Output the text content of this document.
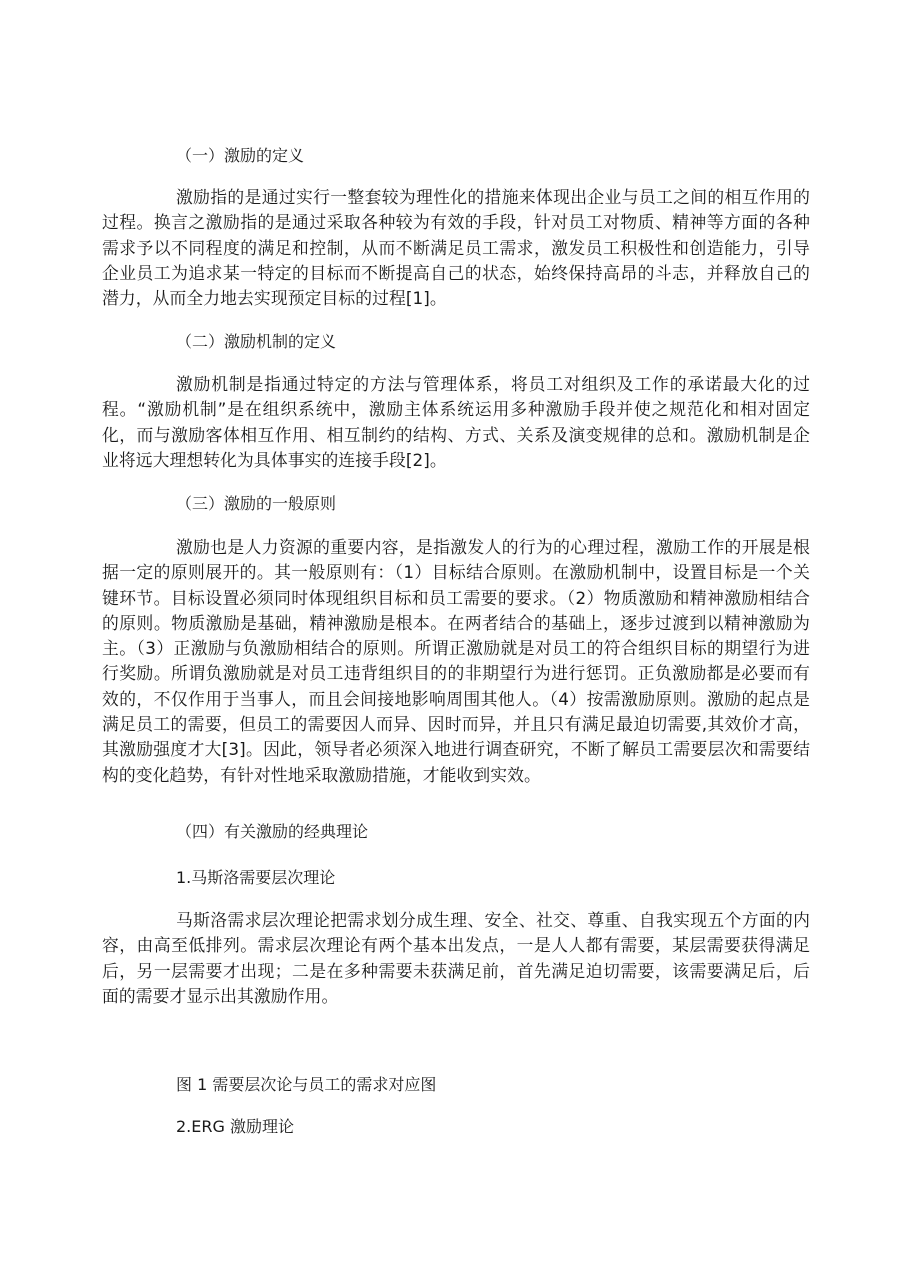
（一）激励的定义

激励指的是通过实行一整套较为理性化的措施来体现出企业与员工之间的相互作用的过程。换言之激励指的是通过采取各种较为有效的手段，针对员工对物质、精神等方面的各种需求予以不同程度的满足和控制，从而不断满足员工需求，激发员工积极性和创造能力，引导企业员工为追求某一特定的目标而不断提高自己的状态，始终保持高昂的斗志，并释放自己的潜力，从而全力地去实现预定目标的过程[1]。

（二）激励机制的定义

激励机制是指通过特定的方法与管理体系，将员工对组织及工作的承诺最大化的过程。“激励机制”是在组织系统中，激励主体系统运用多种激励手段并使之规范化和相对固定化，而与激励客体相互作用、相互制约的结构、方式、关系及演变规律的总和。激励机制是企业将远大理想转化为具体事实的连接手段[2]。

（三）激励的一般原则

激励也是人力资源的重要内容，是指激发人的行为的心理过程，激励工作的开展是根据一定的原则展开的。其一般原则有：（1）目标结合原则。在激励机制中，设置目标是一个关键环节。目标设置必须同时体现组织目标和员工需要的要求。（2）物质激励和精神激励相结合的原则。物质激励是基础，精神激励是根本。在两者结合的基础上，逐步过渡到以精神激励为主。（3）正激励与负激励相结合的原则。所谓正激励就是对员工的符合组织目标的期望行为进行奖励。所谓负激励就是对员工违背组织目的的非期望行为进行惩罚。正负激励都是必要而有效的，不仅作用于当事人，而且会间接地影响周围其他人。（4）按需激励原则。激励的起点是满足员工的需要，但员工的需要因人而异、因时而异，并且只有满足最迫切需要,其效价才高，其激励强度才大[3]。因此，领导者必须深入地进行调查研究，不断了解员工需要层次和需要结构的变化趋势，有针对性地采取激励措施，才能收到实效。

（四）有关激励的经典理论
1.马斯洛需要层次理论

马斯洛需求层次理论把需求划分成生理、安全、社交、尊重、自我实现五个方面的内容，由高至低排列。需求层次理论有两个基本出发点，一是人人都有需要，某层需要获得满足后，另一层需要才出现；二是在多种需要未获满足前，首先满足迫切需要，该需要满足后，后面的需要才显示出其激励作用。

图 1 需要层次论与员工的需求对应图
2.ERG 激励理论
